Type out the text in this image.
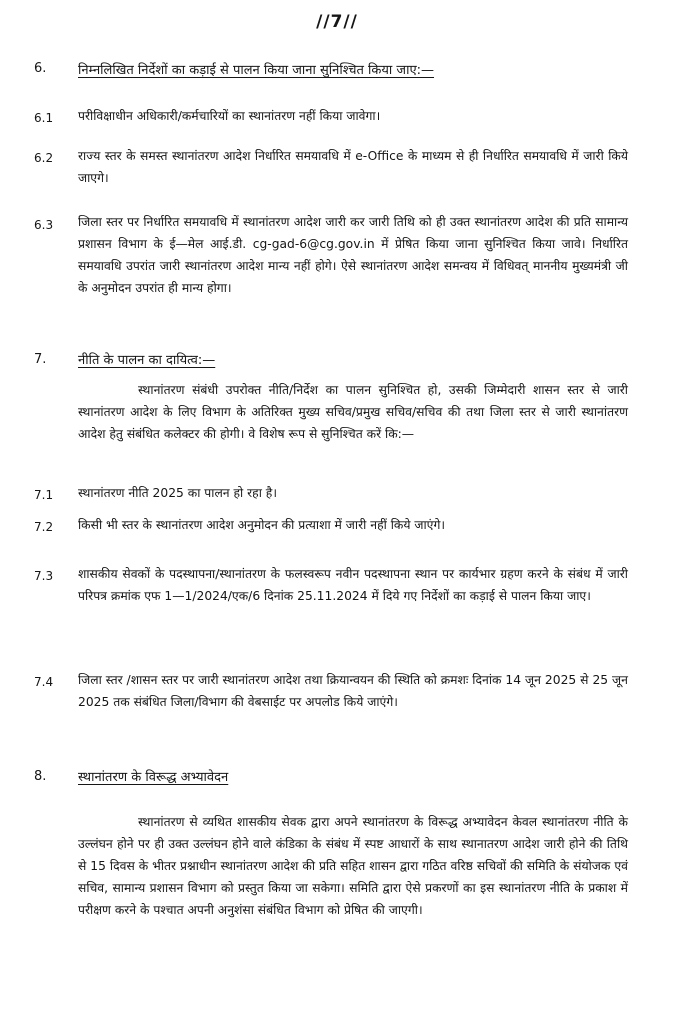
//7//
6. निम्नलिखित निर्देशों का कड़ाई से पालन किया जाना सुनिश्चित किया जाए:—
6.1 परीविक्षाधीन अधिकारी/कर्मचारियों का स्थानांतरण नहीं किया जावेगा।
6.2 राज्य स्तर के समस्त स्थानांतरण आदेश निर्धारित समयावधि में e-Office के माध्यम से ही निर्धारित समयावधि में जारी किये जाएगे।
6.3 जिला स्तर पर निर्धारित समयावधि में स्थानांतरण आदेश जारी कर जारी तिथि को ही उक्त स्थानांतरण आदेश की प्रति सामान्य प्रशासन विभाग के ई—मेल आई.डी. cg-gad-6@cg.gov.in में प्रेषित किया जाना सुनिश्चित किया जावे। निर्धारित समयावधि उपरांत जारी स्थानांतरण आदेश मान्य नहीं होगे। ऐसे स्थानांतरण आदेश समन्वय में विधिवत् माननीय मुख्यमंत्री जी के अनुमोदन उपरांत ही मान्य होगा।
7. नीति के पालन का दायित्व:—
स्थानांतरण संबंधी उपरोक्त नीति/निर्देश का पालन सुनिश्चित हो, उसकी जिम्मेदारी शासन स्तर से जारी स्थानांतरण आदेश के लिए विभाग के अतिरिक्त मुख्य सचिव/प्रमुख सचिव/सचिव की तथा जिला स्तर से जारी स्थानांतरण आदेश हेतु संबंधित कलेक्टर की होगी। वे विशेष रूप से सुनिश्चित करें कि:—
7.1 स्थानांतरण नीति 2025 का पालन हो रहा है।
7.2 किसी भी स्तर के स्थानांतरण आदेश अनुमोदन की प्रत्याशा में जारी नहीं किये जाएंगे।
7.3 शासकीय सेवकों के पदस्थापना/स्थानांतरण के फलस्वरूप नवीन पदस्थापना स्थान पर कार्यभार ग्रहण करने के संबंध में जारी परिपत्र क्रमांक एफ 1—1/2024/एक/6 दिनांक 25.11.2024 में दिये गए निर्देशों का कड़ाई से पालन किया जाए।
7.4 जिला स्तर /शासन स्तर पर जारी स्थानांतरण आदेश तथा क्रियान्वयन की स्थिति को क्रमशः दिनांक 14 जून 2025 से 25 जून 2025 तक संबंधित जिला/विभाग की वेबसाईट पर अपलोड किये जाएंगे।
8. स्थानांतरण के विरूद्ध अभ्यावेदन
स्थानांतरण से व्यथित शासकीय सेवक द्वारा अपने स्थानांतरण के विरूद्ध अभ्यावेदन केवल स्थानांतरण नीति के उल्लंघन होने पर ही उक्त उल्लंघन होने वाले कंडिका के संबंध में स्पष्ट आधारों के साथ स्थानातरण आदेश जारी होने की तिथि से 15 दिवस के भीतर प्रश्नाधीन स्थानांतरण आदेश की प्रति सहित शासन द्वारा गठित वरिष्ठ सचिवों की समिति के संयोजक एवं सचिव, सामान्य प्रशासन विभाग को प्रस्तुत किया जा सकेगा। समिति द्वारा ऐसे प्रकरणों का इस स्थानांतरण नीति के प्रकाश में परीक्षण करने के पश्चात अपनी अनुशंसा संबंधित विभाग को प्रेषित की जाएगी।
